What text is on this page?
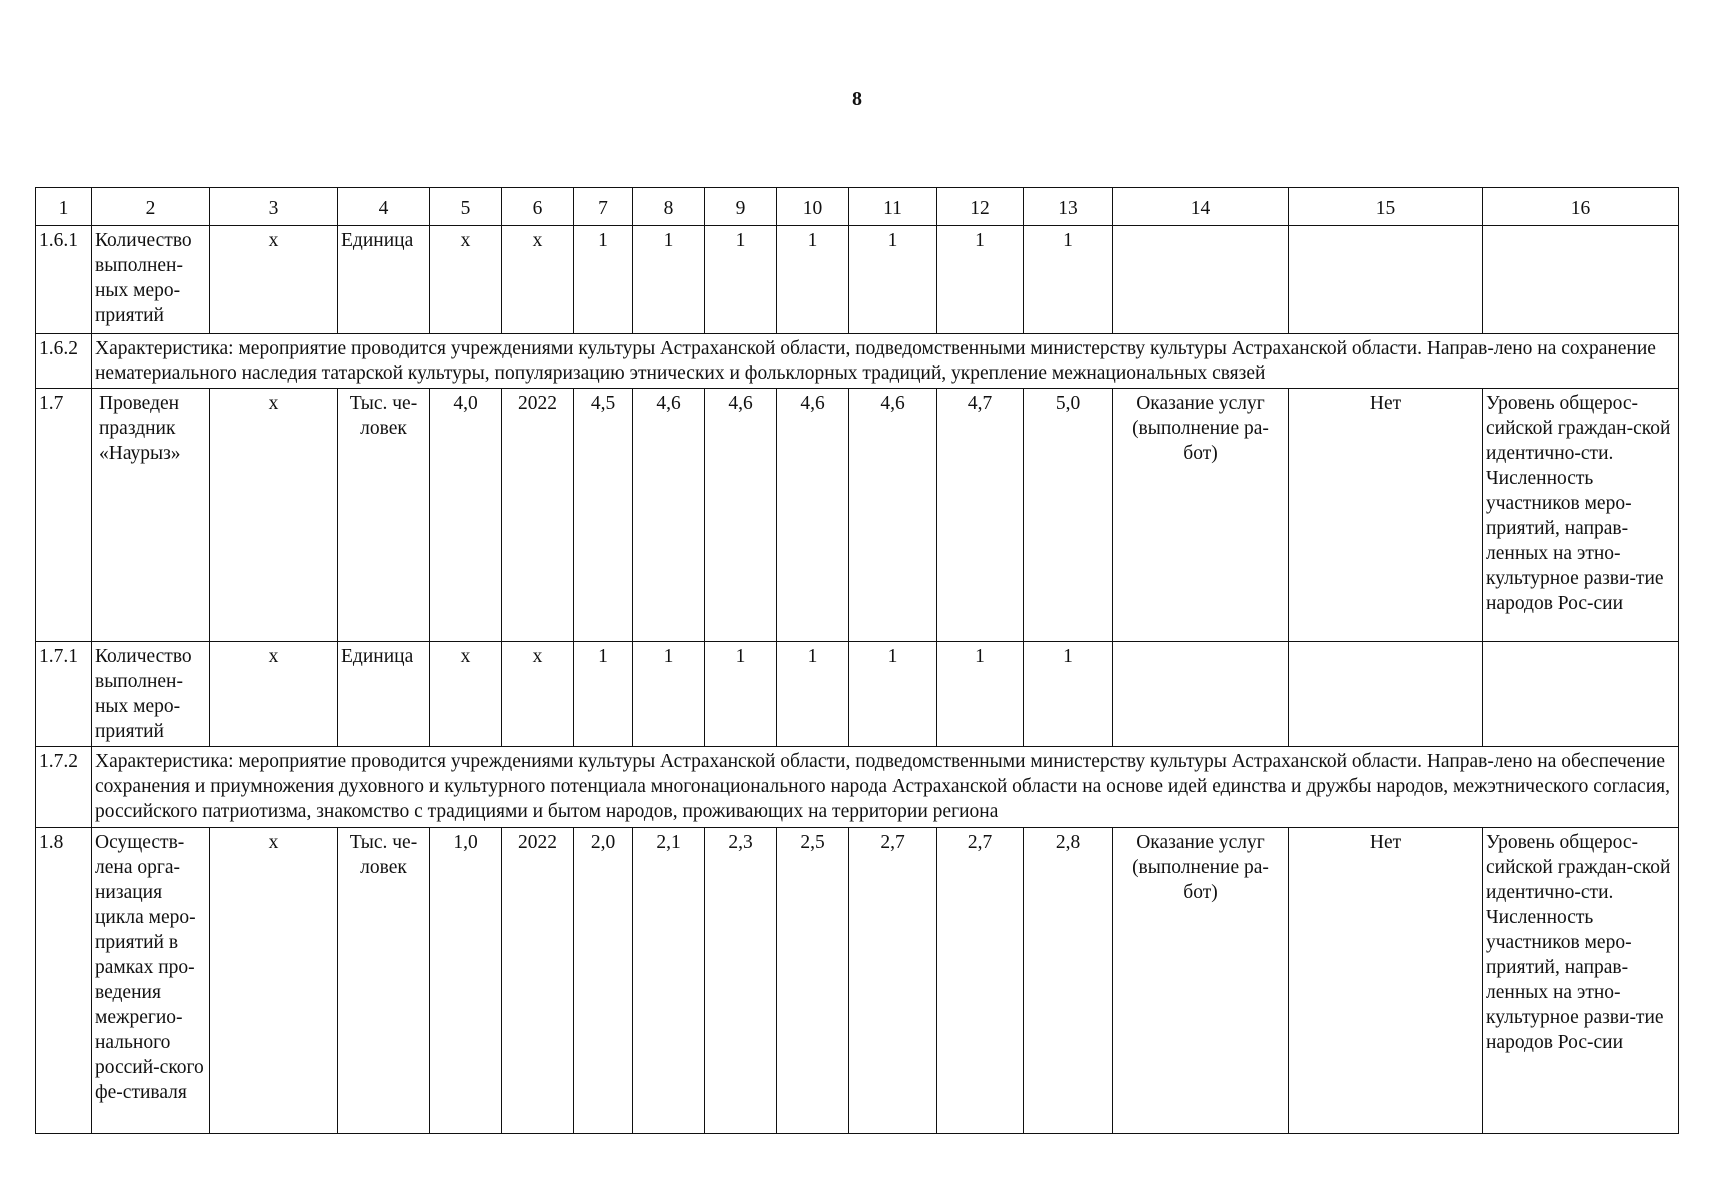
8
1	2	3	4	5	6	7	8	9	10	11	12	13	14	15	16
1.6.1	Количество выполнен-ных меро-приятий	х	Единица	х	х	1	1	1	1	1	1	1			
1.6.2	Характеристика: мероприятие проводится учреждениями культуры Астраханской области, подведомственными министерству культуры Астраханской области. Направ-лено на сохранение нематериального наследия татарской культуры, популяризацию этнических и фольклорных традиций, укрепление межнациональных связей														
1.7	Проведен праздник «Наурыз»	х	Тыс. че-ловек	4,0	2022	4,5	4,6	4,6	4,6	4,6	4,7	5,0	Оказание услуг (выполнение ра-бот)	Нет	Уровень общерос-сийской граждан-ской идентично-сти. Численность участников меро-приятий, направ-ленных на этно-культурное разви-тие народов Рос-сии
1.7.1	Количество выполнен-ных меро-приятий	х	Единица	х	х	1	1	1	1	1	1	1			
1.7.2	Характеристика: мероприятие проводится учреждениями культуры Астраханской области, подведомственными министерству культуры Астраханской области. Направ-лено на обеспечение сохранения и приумножения духовного и культурного потенциала многонационального народа Астраханской области на основе идей единства и дружбы народов, межэтнического согласия, российского патриотизма, знакомство с традициями и бытом народов, проживающих на территории региона														
1.8	Осуществ-лена орга-низация цикла меро-приятий в рамках про-ведения межрегио-нального россий-ского фе-стиваля	х	Тыс. че-ловек	1,0	2022	2,0	2,1	2,3	2,5	2,7	2,7	2,8	Оказание услуг (выполнение ра-бот)	Нет	Уровень общерос-сийской граждан-ской идентично-сти. Численность участников меро-приятий, направ-ленных на этно-культурное разви-тие народов Рос-сии
